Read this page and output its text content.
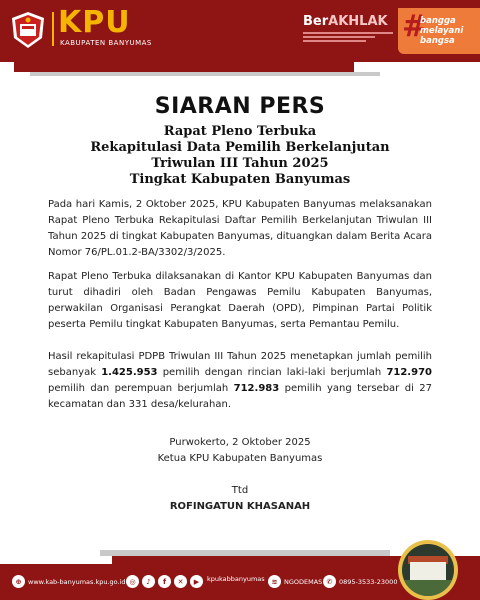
KPU
KABUPATEN BANYUMAS
BerAKHLAK #
bangga
melayani
bangsa
SIARAN PERS
Rapat Pleno Terbuka
Rekapitulasi Data Pemilih Berkelanjutan
Triwulan III Tahun 2025
Tingkat Kabupaten Banyumas
Pada hari Kamis, 2 Oktober 2025, KPU Kabupaten Banyumas melaksanakan Rapat Pleno Terbuka Rekapitulasi Daftar Pemilih Berkelanjutan Triwulan III Tahun 2025 di tingkat Kabupaten Banyumas, dituangkan dalam Berita Acara Nomor 76/PL.01.2-BA/3302/3/2025.
Rapat Pleno Terbuka dilaksanakan di Kantor KPU Kabupaten Banyumas dan turut dihadiri oleh Badan Pengawas Pemilu Kabupaten Banyumas, perwakilan Organisasi Perangkat Daerah (OPD), Pimpinan Partai Politik peserta Pemilu tingkat Kabupaten Banyumas, serta Pemantau Pemilu.
Hasil rekapitulasi PDPB Triwulan III Tahun 2025 menetapkan jumlah pemilih sebanyak 1.425.953 pemilih dengan rincian laki-laki berjumlah 712.970 pemilih dan perempuan berjumlah 712.983 pemilih yang tersebar di 27 kecamatan dan 331 desa/kelurahan.
Purwokerto, 2 Oktober 2025
Ketua KPU Kabupaten Banyumas
Ttd
ROFINGATUN KHASANAH
⊕	www.kab-banyumas.kpu.go.id ◎	♪	f	✕	▶	kpukabbanyumas ≋	NGODEMAS ✆	0895-3533-23000
